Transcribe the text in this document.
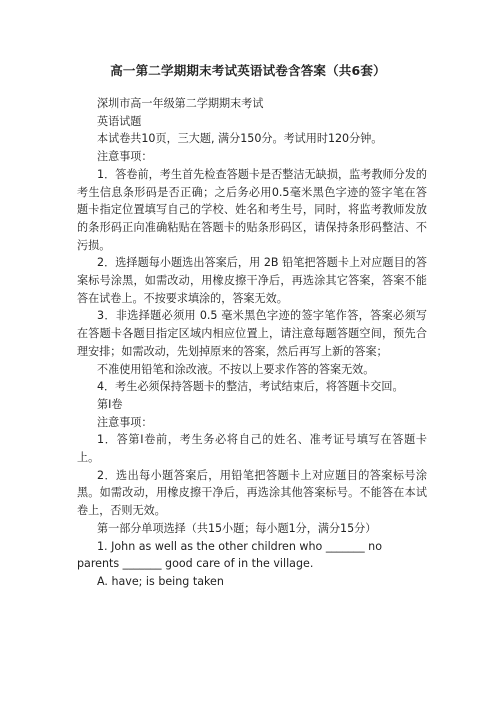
高一第二学期期末考试英语试卷含答案（共6套）

深圳市高一年级第二学期期末考试

英语试题

本试卷共10页，三大题, 满分150分。考试用时120分钟。

注意事项：

1．答卷前，考生首先检查答题卡是否整洁无缺损，监考教师分发的考生信息条形码是否正确；之后务必用0.5毫米黑色字迹的签字笔在答题卡指定位置填写自己的学校、姓名和考生号，同时，将监考教师发放的条形码正向准确粘贴在答题卡的贴条形码区，请保持条形码整洁、不污损。

2．选择题每小题选出答案后，用 2B 铅笔把答题卡上对应题目的答案标号涂黑，如需改动，用橡皮擦干净后，再选涂其它答案，答案不能答在试卷上。不按要求填涂的，答案无效。

3．非选择题必须用 0.5 毫米黑色字迹的签字笔作答，答案必须写在答题卡各题目指定区域内相应位置上，请注意每题答题空间，预先合理安排；如需改动，先划掉原来的答案，然后再写上新的答案；

不准使用铅笔和涂改液。不按以上要求作答的答案无效。

4．考生必须保持答题卡的整洁，考试结束后，将答题卡交回。

第Ⅰ卷

注意事项：

1．答第Ⅰ卷前，考生务必将自己的姓名、准考证号填写在答题卡上。

2．选出每小题答案后，用铅笔把答题卡上对应题目的答案标号涂黑。如需改动，用橡皮擦干净后，再选涂其他答案标号。不能答在本试卷上，否则无效。

第一部分单项选择（共15小题；每小题1分，满分15分）

1. John as well as the other children who _______ no parents _______ good care of in the village.

A. have; is being taken
